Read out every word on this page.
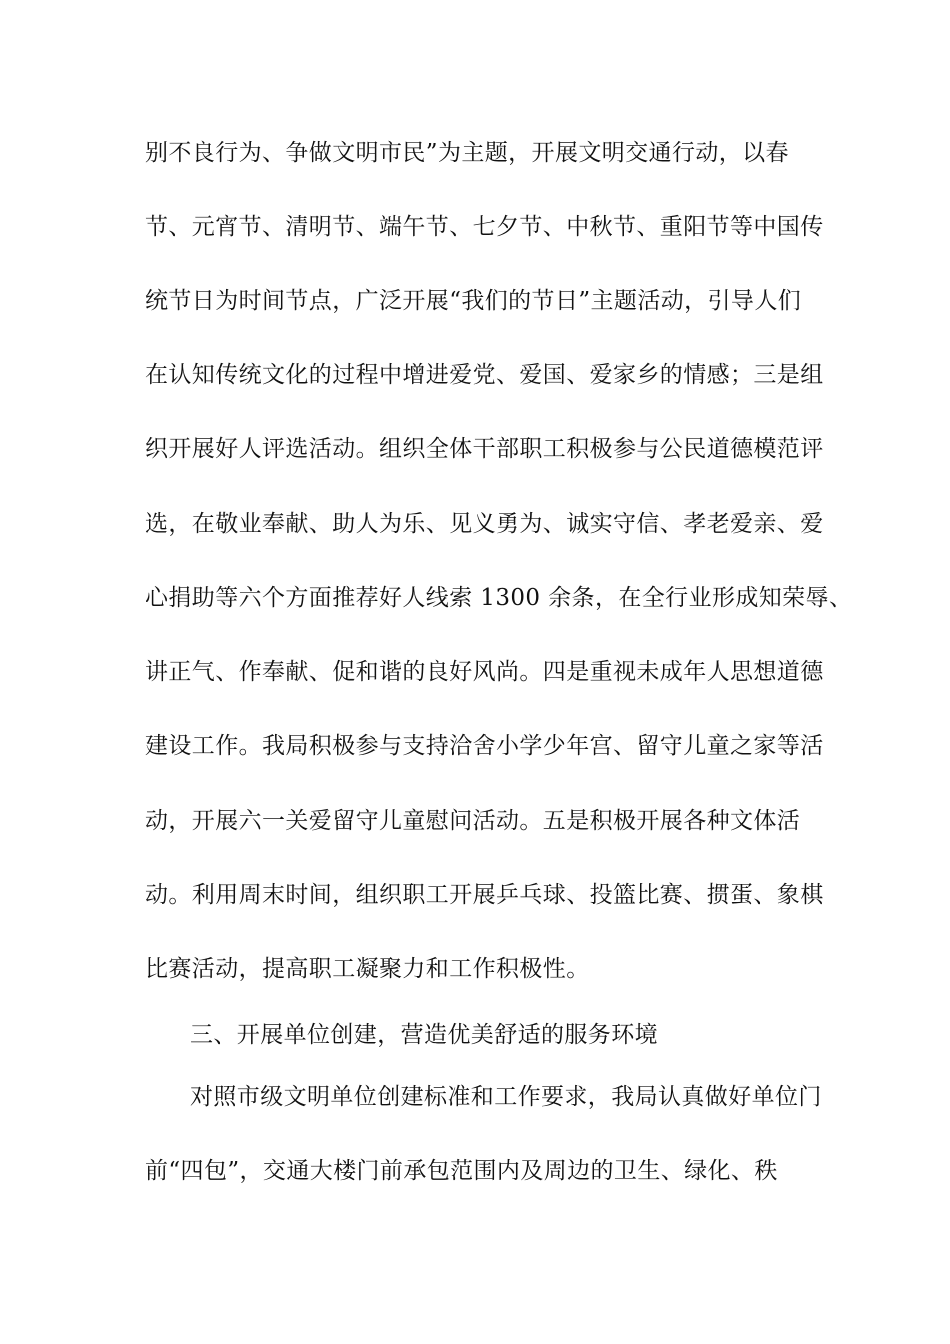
别不良行为、争做文明市民”为主题，开展文明交通行动，以春
节、元宵节、清明节、端午节、七夕节、中秋节、重阳节等中国传
统节日为时间节点，广泛开展“我们的节日”主题活动，引导人们
在认知传统文化的过程中增进爱党、爱国、爱家乡的情感；三是组
织开展好人评选活动。组织全体干部职工积极参与公民道德模范评
选，在敬业奉献、助人为乐、见义勇为、诚实守信、孝老爱亲、爱
心捐助等六个方面推荐好人线索 1300 余条，在全行业形成知荣辱、
讲正气、作奉献、促和谐的良好风尚。四是重视未成年人思想道德
建设工作。我局积极参与支持洽舍小学少年宫、留守儿童之家等活
动，开展六一关爱留守儿童慰问活动。五是积极开展各种文体活
动。利用周末时间，组织职工开展乒乓球、投篮比赛、掼蛋、象棋
比赛活动，提高职工凝聚力和工作积极性。
三、开展单位创建，营造优美舒适的服务环境
对照市级文明单位创建标准和工作要求，我局认真做好单位门
前“四包”，交通大楼门前承包范围内及周边的卫生、绿化、秩
